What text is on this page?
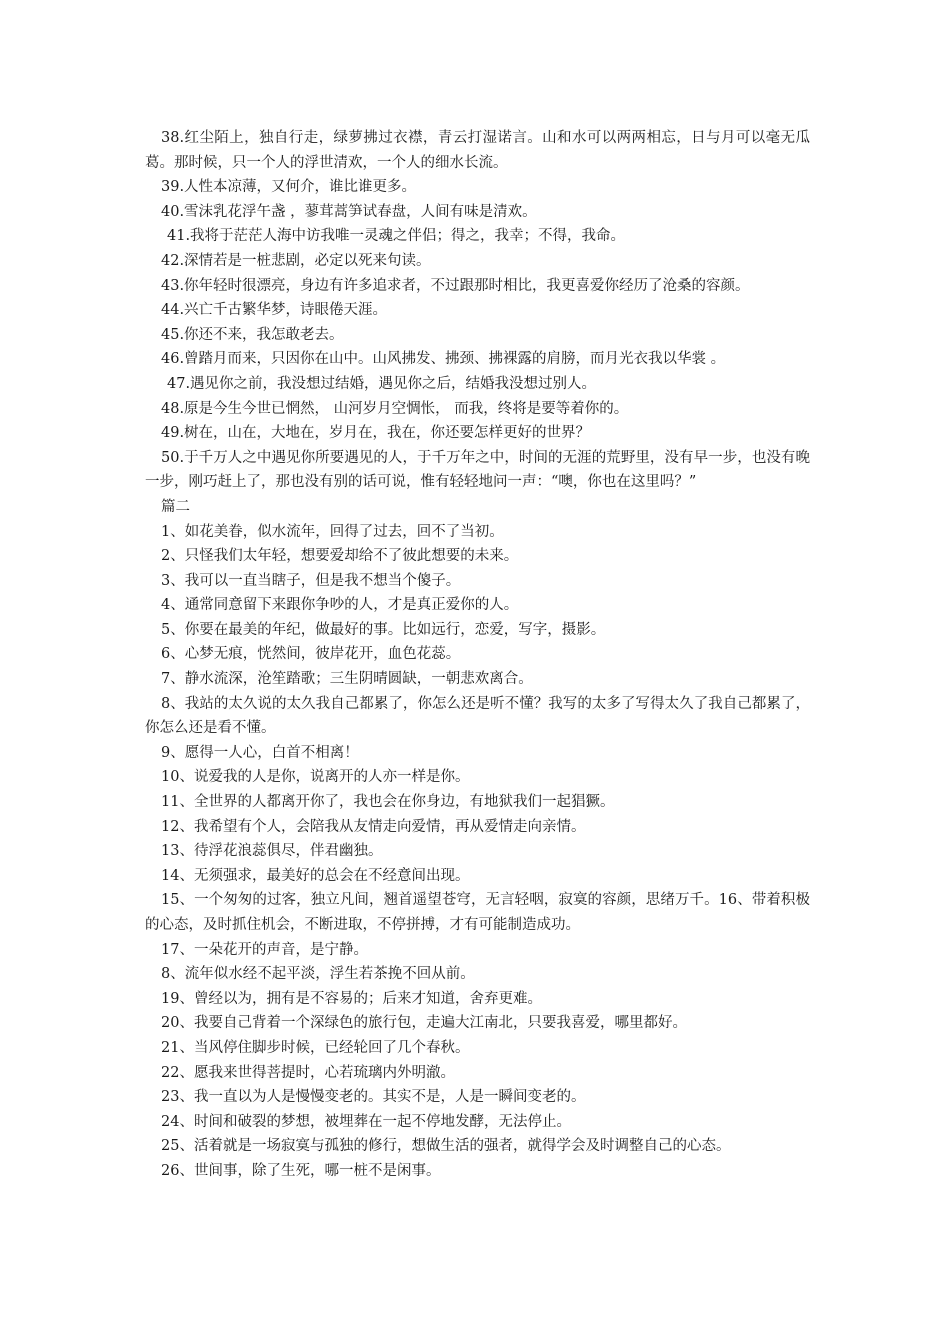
38.红尘陌上，独自行走，绿萝拂过衣襟，青云打湿诺言。山和水可以两两相忘，日与月可以毫无瓜葛。那时候，只一个人的浮世清欢，一个人的细水长流。

39.人性本凉薄，又何介，谁比谁更多。

40.雪沫乳花浮午盏 ，蓼茸蒿笋试春盘，人间有味是清欢。

41.我将于茫茫人海中访我唯一灵魂之伴侣；得之，我幸；不得，我命。

42.深情若是一桩悲剧，必定以死来句读。

43.你年轻时很漂亮，身边有许多追求者，不过跟那时相比，我更喜爱你经历了沧桑的容颜。

44.兴亡千古繁华梦，诗眼倦天涯。

45.你还不来，我怎敢老去。

46.曾踏月而来，只因你在山中。山风拂发、拂颈、拂裸露的肩膀，而月光衣我以华裳 。

47.遇见你之前，我没想过结婚，遇见你之后，结婚我没想过别人。

48.原是今生今世已惘然， 山河岁月空惆怅， 而我，终将是要等着你的。

49.树在，山在，大地在，岁月在，我在，你还要怎样更好的世界？

50.于千万人之中遇见你所要遇见的人，于千万年之中，时间的无涯的荒野里，没有早一步，也没有晚一步，刚巧赶上了，那也没有别的话可说，惟有轻轻地问一声：“噢，你也在这里吗？”

篇二

1、如花美眷，似水流年，回得了过去，回不了当初。

2、只怪我们太年轻，想要爱却给不了彼此想要的未来。

3、我可以一直当瞎子，但是我不想当个傻子。

4、通常同意留下来跟你争吵的人，才是真正爱你的人。

5、你要在最美的年纪，做最好的事。比如远行，恋爱，写字，摄影。

6、心梦无痕，恍然间，彼岸花开，血色花蕊。

7、静水流深，沧笙踏歌；三生阴晴圆缺，一朝悲欢离合。

8、我站的太久说的太久我自己都累了，你怎么还是听不懂？我写的太多了写得太久了我自己都累了，你怎么还是看不懂。

9、愿得一人心，白首不相离！

10、说爱我的人是你，说离开的人亦一样是你。

11、全世界的人都离开你了，我也会在你身边，有地狱我们一起猖獗。

12、我希望有个人，会陪我从友情走向爱情，再从爱情走向亲情。

13、待浮花浪蕊俱尽，伴君幽独。

14、无须强求，最美好的总会在不经意间出现。

15、一个匆匆的过客，独立凡间，翘首遥望苍穹，无言轻咽，寂寞的容颜，思绪万千。16、带着积极的心态，及时抓住机会，不断进取，不停拼搏，才有可能制造成功。

17、一朵花开的声音，是宁静。

8、流年似水经不起平淡，浮生若茶挽不回从前。

19、曾经以为，拥有是不容易的；后来才知道，舍弃更难。

20、我要自己背着一个深绿色的旅行包，走遍大江南北，只要我喜爱，哪里都好。

21、当风停住脚步时候，已经轮回了几个春秋。

22、愿我来世得菩提时，心若琉璃内外明澈。

23、我一直以为人是慢慢变老的。其实不是，人是一瞬间变老的。

24、时间和破裂的梦想，被埋葬在一起不停地发酵，无法停止。

25、活着就是一场寂寞与孤独的修行，想做生活的强者，就得学会及时调整自己的心态。

26、世间事，除了生死，哪一桩不是闲事。
